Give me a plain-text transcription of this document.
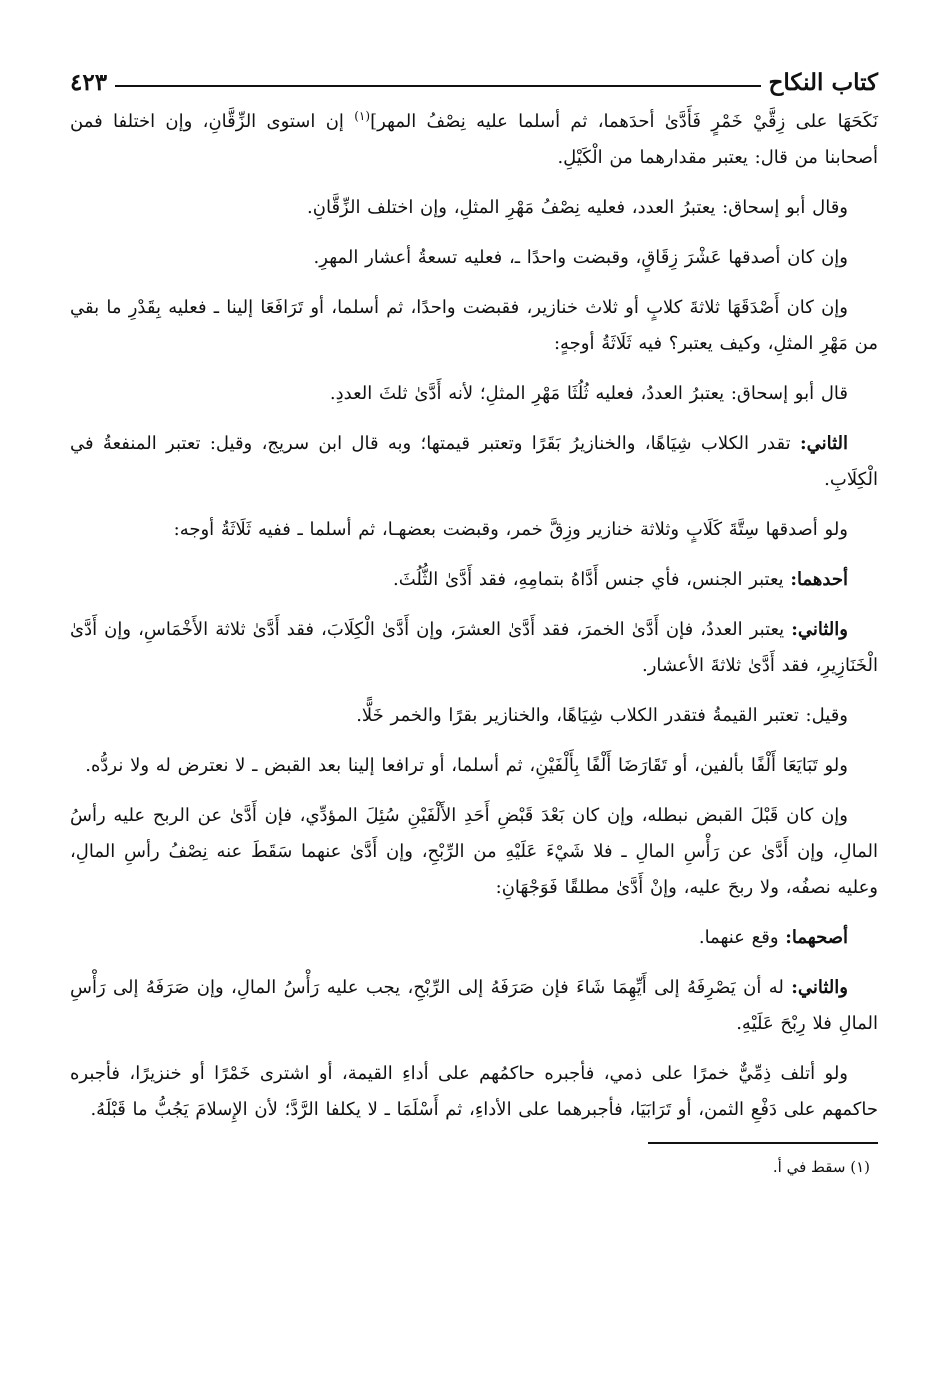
كتاب النكاح
٤٢٣

نَكَحَهَا على زِقَّيْ خَمْرٍ فَأَدَّىٰ أحدَهما، ثم أسلما عليه نِصْفُ المهر]$^{(١)}$ إن استوى الزِّقَّانِ، وإن اختلفا فمن أصحابنا من قال: يعتبر مقدارهما من الْكَيْلِ.

وقال أبو إسحاق: يعتبرُ العدد، فعليه نِصْفُ مَهْرِ المثلِ، وإن اختلف الزِّقَّانِ.

وإن كان أصدقها عَشْرَ زِقَاقٍ، وقبضت واحدًا ـ، فعليه تسعةُ أعشار المهرِ.

وإن كان أَصْدَقَهَا ثلاثةَ كلابٍ أو ثلاث خنازير، فقبضت واحدًا، ثم أسلما، أو تَرَافَعَا إلينا ـ فعليه بِقَدْرِ ما بقي من مَهْرِ المثلِ، وكيف يعتبر؟ فيه ثَلَاثَةُ أوجهٍ:

قال أبو إسحاق: يعتبرُ العددُ، فعليه ثُلُثَا مَهْرِ المثلِ؛ لأنه أَدَّىٰ ثلثَ العددِ.

الثاني: تقدر الكلاب شِيَاهًا، والخنازيرُ بَقَرًا وتعتبر قيمتها؛ وبه قال ابن سريج، وقيل: تعتبر المنفعةُ في الْكِلَابِ.

ولو أصدقها سِتَّةَ كَلَابٍ وثلاثة خنازير وزِقَّ خمر، وقبضت بعضهـا، ثم أسلما ـ ففيه ثَلَاثَةُ أوجه:

أحدهما: يعتبر الجنس، فأي جنس أَدَّاهُ بتمامِهِ، فقد أَدَّىٰ الثُّلُثَ.

والثاني: يعتبر العددُ، فإن أَدَّىٰ الخمرَ، فقد أَدَّىٰ العشرَ، وإن أَدَّىٰ الْكِلَابَ، فقد أَدَّىٰ ثلاثة الأَخْمَاسِ، وإن أَدَّىٰ الْخَنَازِيرِ، فقد أَدَّىٰ ثلاثةَ الأعشار.

وقيل: تعتبر القيمةُ فتقدر الكلاب شِيَاهًا، والخنازير بقرًا والخمر خَلًّا.

ولو تَبَايَعَا أَلْفًا بألفين، أو تَقَارَضَا أَلْفًا بِأَلْفَيْنِ، ثم أسلما، أو ترافعا إلينا بعد القبض ـ لا نعترض له ولا نردُّه.

وإن كان قَبْلَ القبض نبطله، وإن كان بَعْدَ قَبْضِ أَحَدِ الأَلْفَيْنِ سُئِلَ المؤدِّي، فإن أَدَّىٰ عن الربح عليه رأسُ المالِ، وإن أَدَّىٰ عن رَأْسِ المالِ ـ فلا شَيْءَ عَلَيْهِ من الرِّبْحِ، وإن أَدَّىٰ عنهما سَقَطَ عنه نِصْفُ رأسِ المالِ، وعليه نصفُه، ولا ربحَ عليه، وإنْ أَدَّىٰ مطلقًا فَوَجْهَانِ:

أصحهما: وقع عنهما.

والثاني: له أن يَصْرِفَهُ إلى أَيِّهِمَا شَاءَ فإن صَرَفَهُ إلى الرِّبْحِ، يجب عليه رَأْسُ المالِ، وإن صَرَفَهُ إلى رَأْسِ المالِ فلا رِبْحَ عَلَيْهِ.

ولو أتلف ذِمِّيٌّ خمرًا على ذمي، فأجبره حاكمُهم على أداءِ القيمة، أو اشترى خَمْرًا أو خنزيرًا، فأجبره حاكمهم على دَفْعِ الثمن، أو تَرَابَيَا، فأجبرهما على الأداءِ، ثم أَسْلَمَا ـ لا يكلفا الرَّدَّ؛ لأن الإِسلامَ يَجُبُّ ما قَبْلَهُ.

(١) سقط في أ.
